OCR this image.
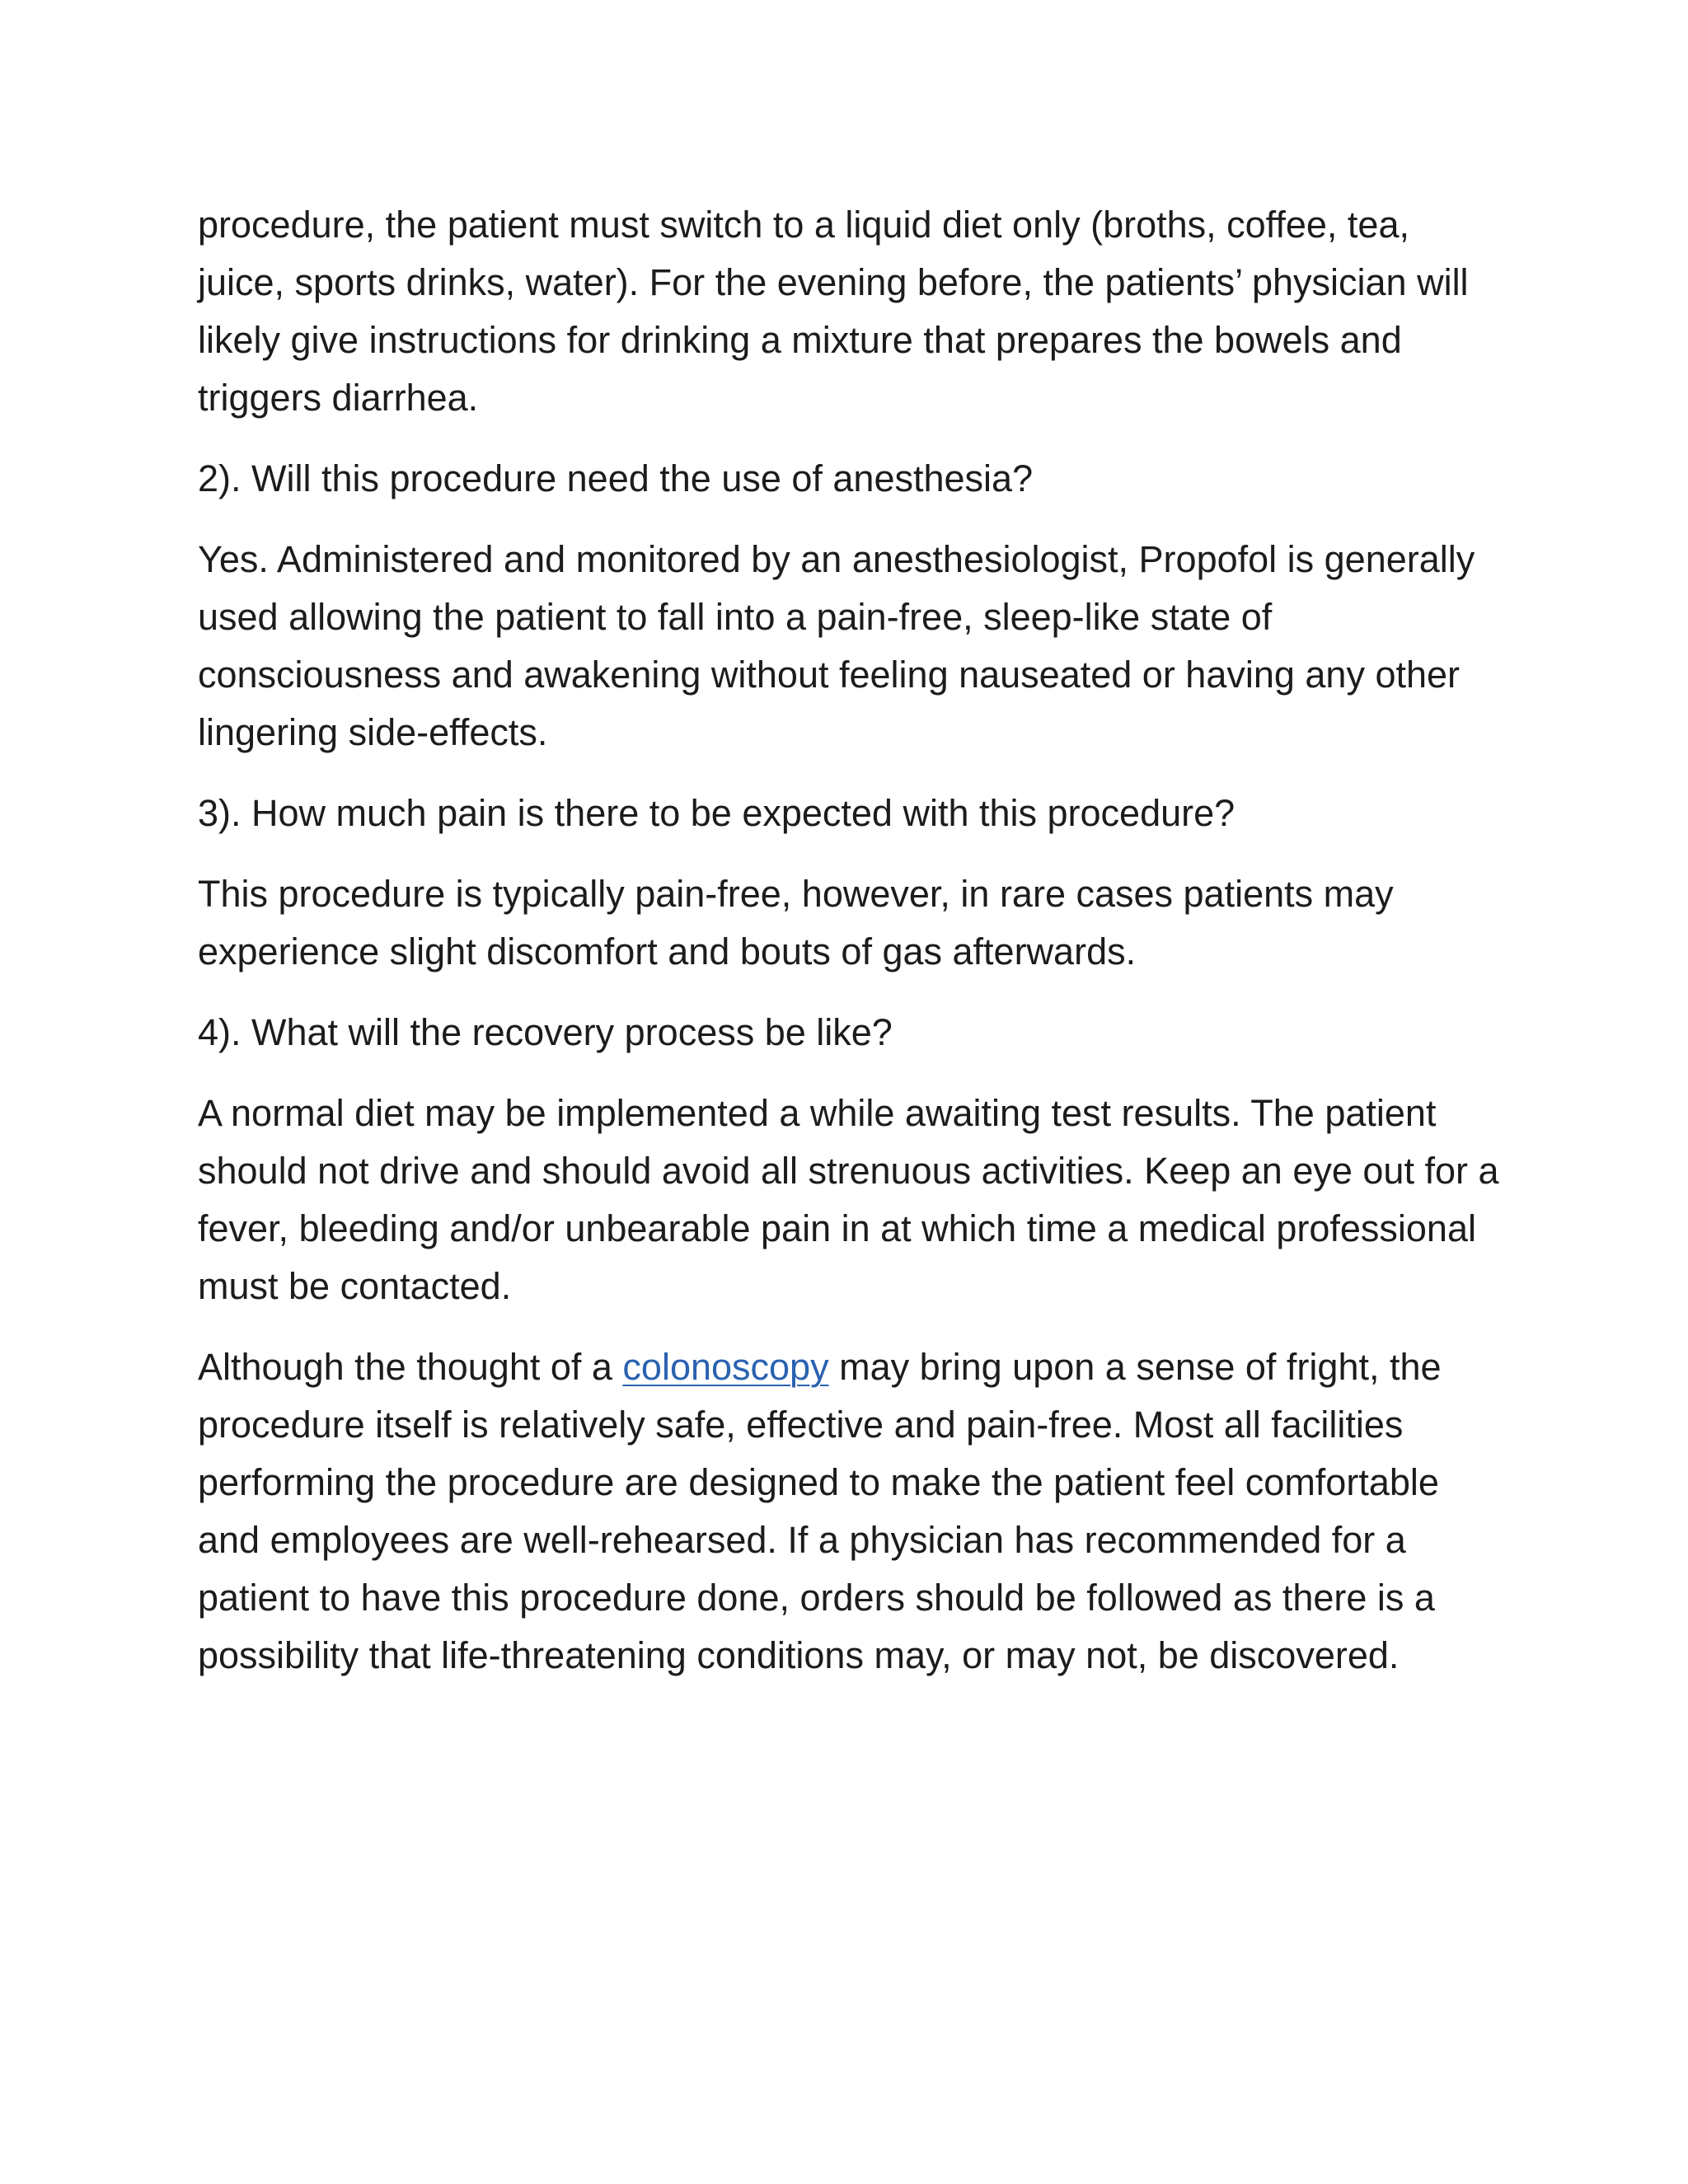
procedure, the patient must switch to a liquid diet only (broths, coffee, tea, juice, sports drinks, water). For the evening before, the patients’ physician will likely give instructions for drinking a mixture that prepares the bowels and triggers diarrhea.

2). Will this procedure need the use of anesthesia?

Yes. Administered and monitored by an anesthesiologist, Propofol is generally used allowing the patient to fall into a pain-free, sleep-like state of consciousness and awakening without feeling nauseated or having any other lingering side-effects.

3). How much pain is there to be expected with this procedure?

This procedure is typically pain-free, however, in rare cases patients may experience slight discomfort and bouts of gas afterwards.

4). What will the recovery process be like?

A normal diet may be implemented a while awaiting test results. The patient should not drive and should avoid all strenuous activities. Keep an eye out for a fever, bleeding and/or unbearable pain in at which time a medical professional must be contacted.

Although the thought of a colonoscopy may bring upon a sense of fright, the procedure itself is relatively safe, effective and pain-free. Most all facilities performing the procedure are designed to make the patient feel comfortable and employees are well-rehearsed. If a physician has recommended for a patient to have this procedure done, orders should be followed as there is a possibility that life-threatening conditions may, or may not, be discovered.
